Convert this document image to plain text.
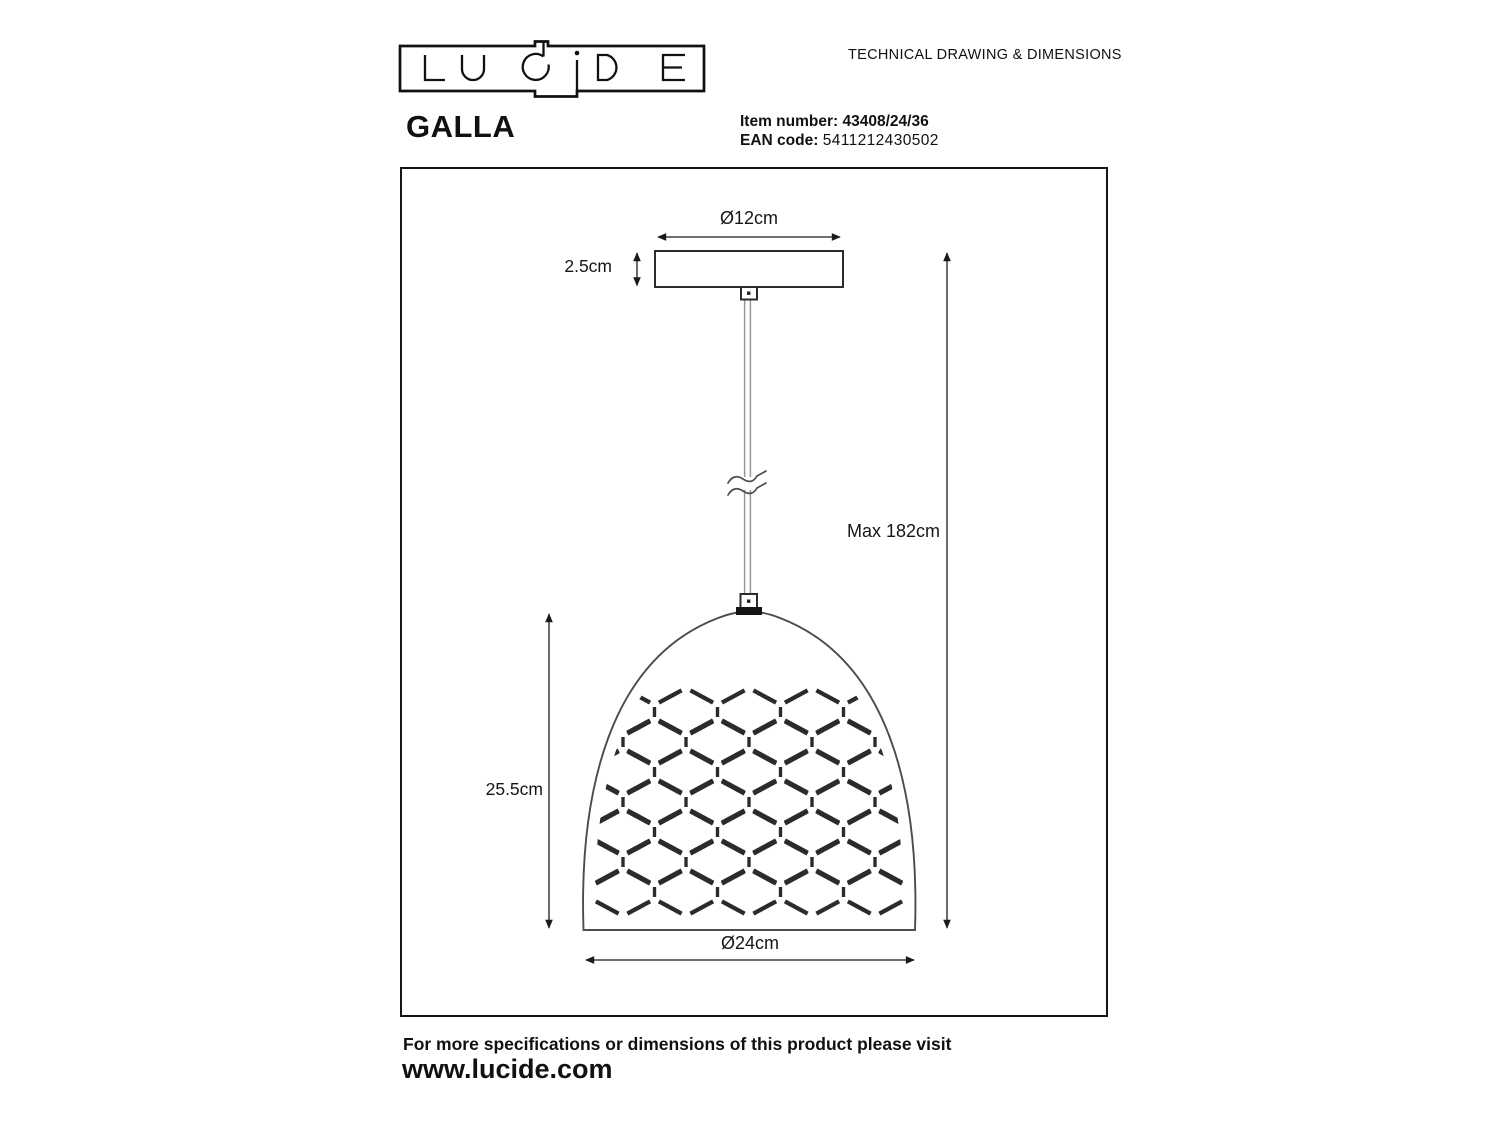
TECHNICAL DRAWING & DIMENSIONS
GALLA	Item number: 43408/24/36
EAN code: 5411212430502
Ø12cm
2.5cm
Max 182cm
25.5cm
Ø24cm
For more specifications or dimensions of this product please visit
www.lucide.com
